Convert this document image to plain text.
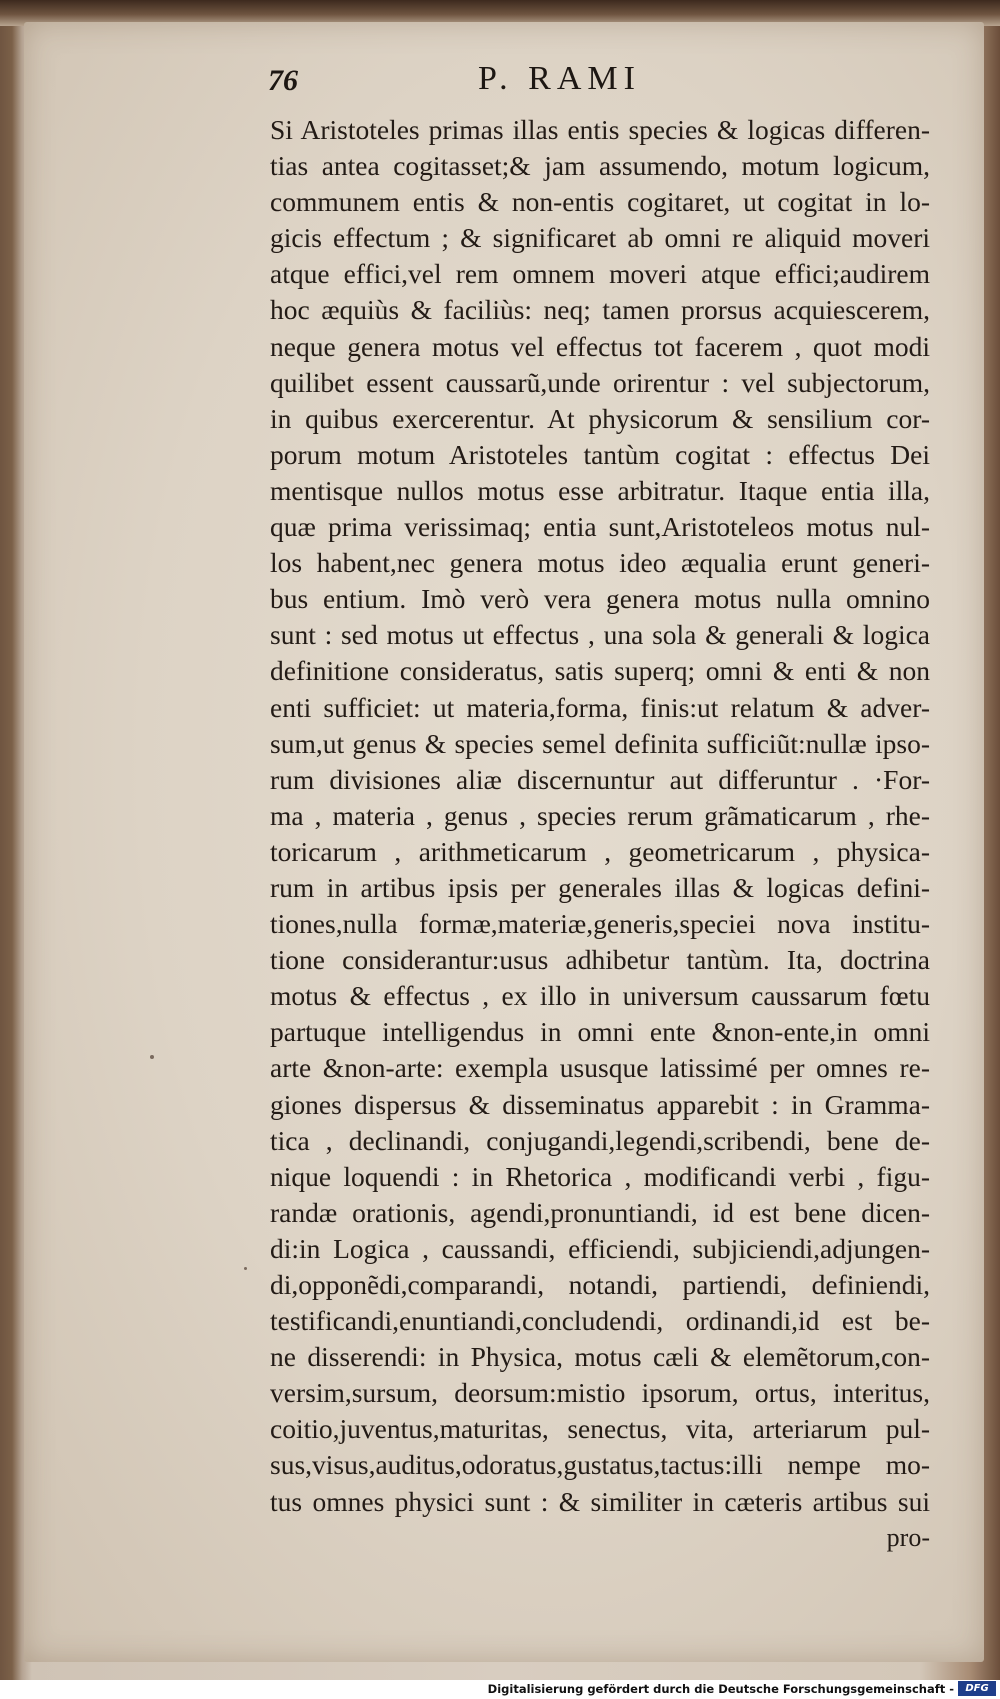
76	P. RAMI
Si Aristoteles primas illas entis species & logicas differen-
tias antea cogitasset;& jam assumendo, motum logicum,
communem entis & non-entis cogitaret, ut cogitat in lo-
gicis effectum ; & significaret ab omni re aliquid moveri
atque effici,vel rem omnem moveri atque effici;audirem
hoc æquiùs & faciliùs: neq; tamen prorsus acquiescerem,
neque genera motus vel effectus tot facerem , quot modi
quilibet essent caussarũ,unde orirentur : vel subjectorum,
in quibus exercerentur. At physicorum & sensilium cor-
porum motum Aristoteles tantùm cogitat : effectus Dei
mentisque nullos motus esse arbitratur. Itaque entia illa,
quæ prima verissimaq; entia sunt,Aristoteleos motus nul-
los habent,nec genera motus ideo æqualia erunt generi-
bus entium. Imò verò vera genera motus nulla omnino
sunt : sed motus ut effectus , una sola & generali & logica
definitione consideratus, satis superq; omni & enti & non
enti sufficiet: ut materia,forma, finis:ut relatum & adver-
sum,ut genus & species semel definita sufficiũt:nullæ ipso-
rum divisiones aliæ discernuntur aut differuntur . ·For-
ma , materia , genus , species rerum grãmaticarum , rhe-
toricarum , arithmeticarum , geometricarum , physica-
rum in artibus ipsis per generales illas & logicas defini-
tiones,nulla formæ,materiæ,generis,speciei nova institu-
tione considerantur:usus adhibetur tantùm. Ita, doctrina
motus & effectus , ex illo in universum caussarum fœtu
partuque intelligendus in omni ente &non-ente,in omni
arte &non-arte: exempla ususque latissimé per omnes re-
giones dispersus & disseminatus apparebit : in Gramma-
tica , declinandi, conjugandi,legendi,scribendi, bene de-
nique loquendi : in Rhetorica , modificandi verbi , figu-
randæ orationis, agendi,pronuntiandi, id est bene dicen-
di:in Logica , caussandi, efficiendi, subjiciendi,adjungen-
di,opponẽdi,comparandi, notandi, partiendi, definiendi,
testificandi,enuntiandi,concludendi, ordinandi,id est be-
ne disserendi: in Physica, motus cæli & elemẽtorum,con-
versim,sursum, deorsum:mistio ipsorum, ortus, interitus,
coitio,juventus,maturitas, senectus, vita, arteriarum pul-
sus,visus,auditus,odoratus,gustatus,tactus:illi nempe mo-
tus omnes physici sunt : & similiter in cæteris artibus sui
pro-
Digitalisierung gefördert durch die Deutsche Forschungsgemeinschaft -	DFG
